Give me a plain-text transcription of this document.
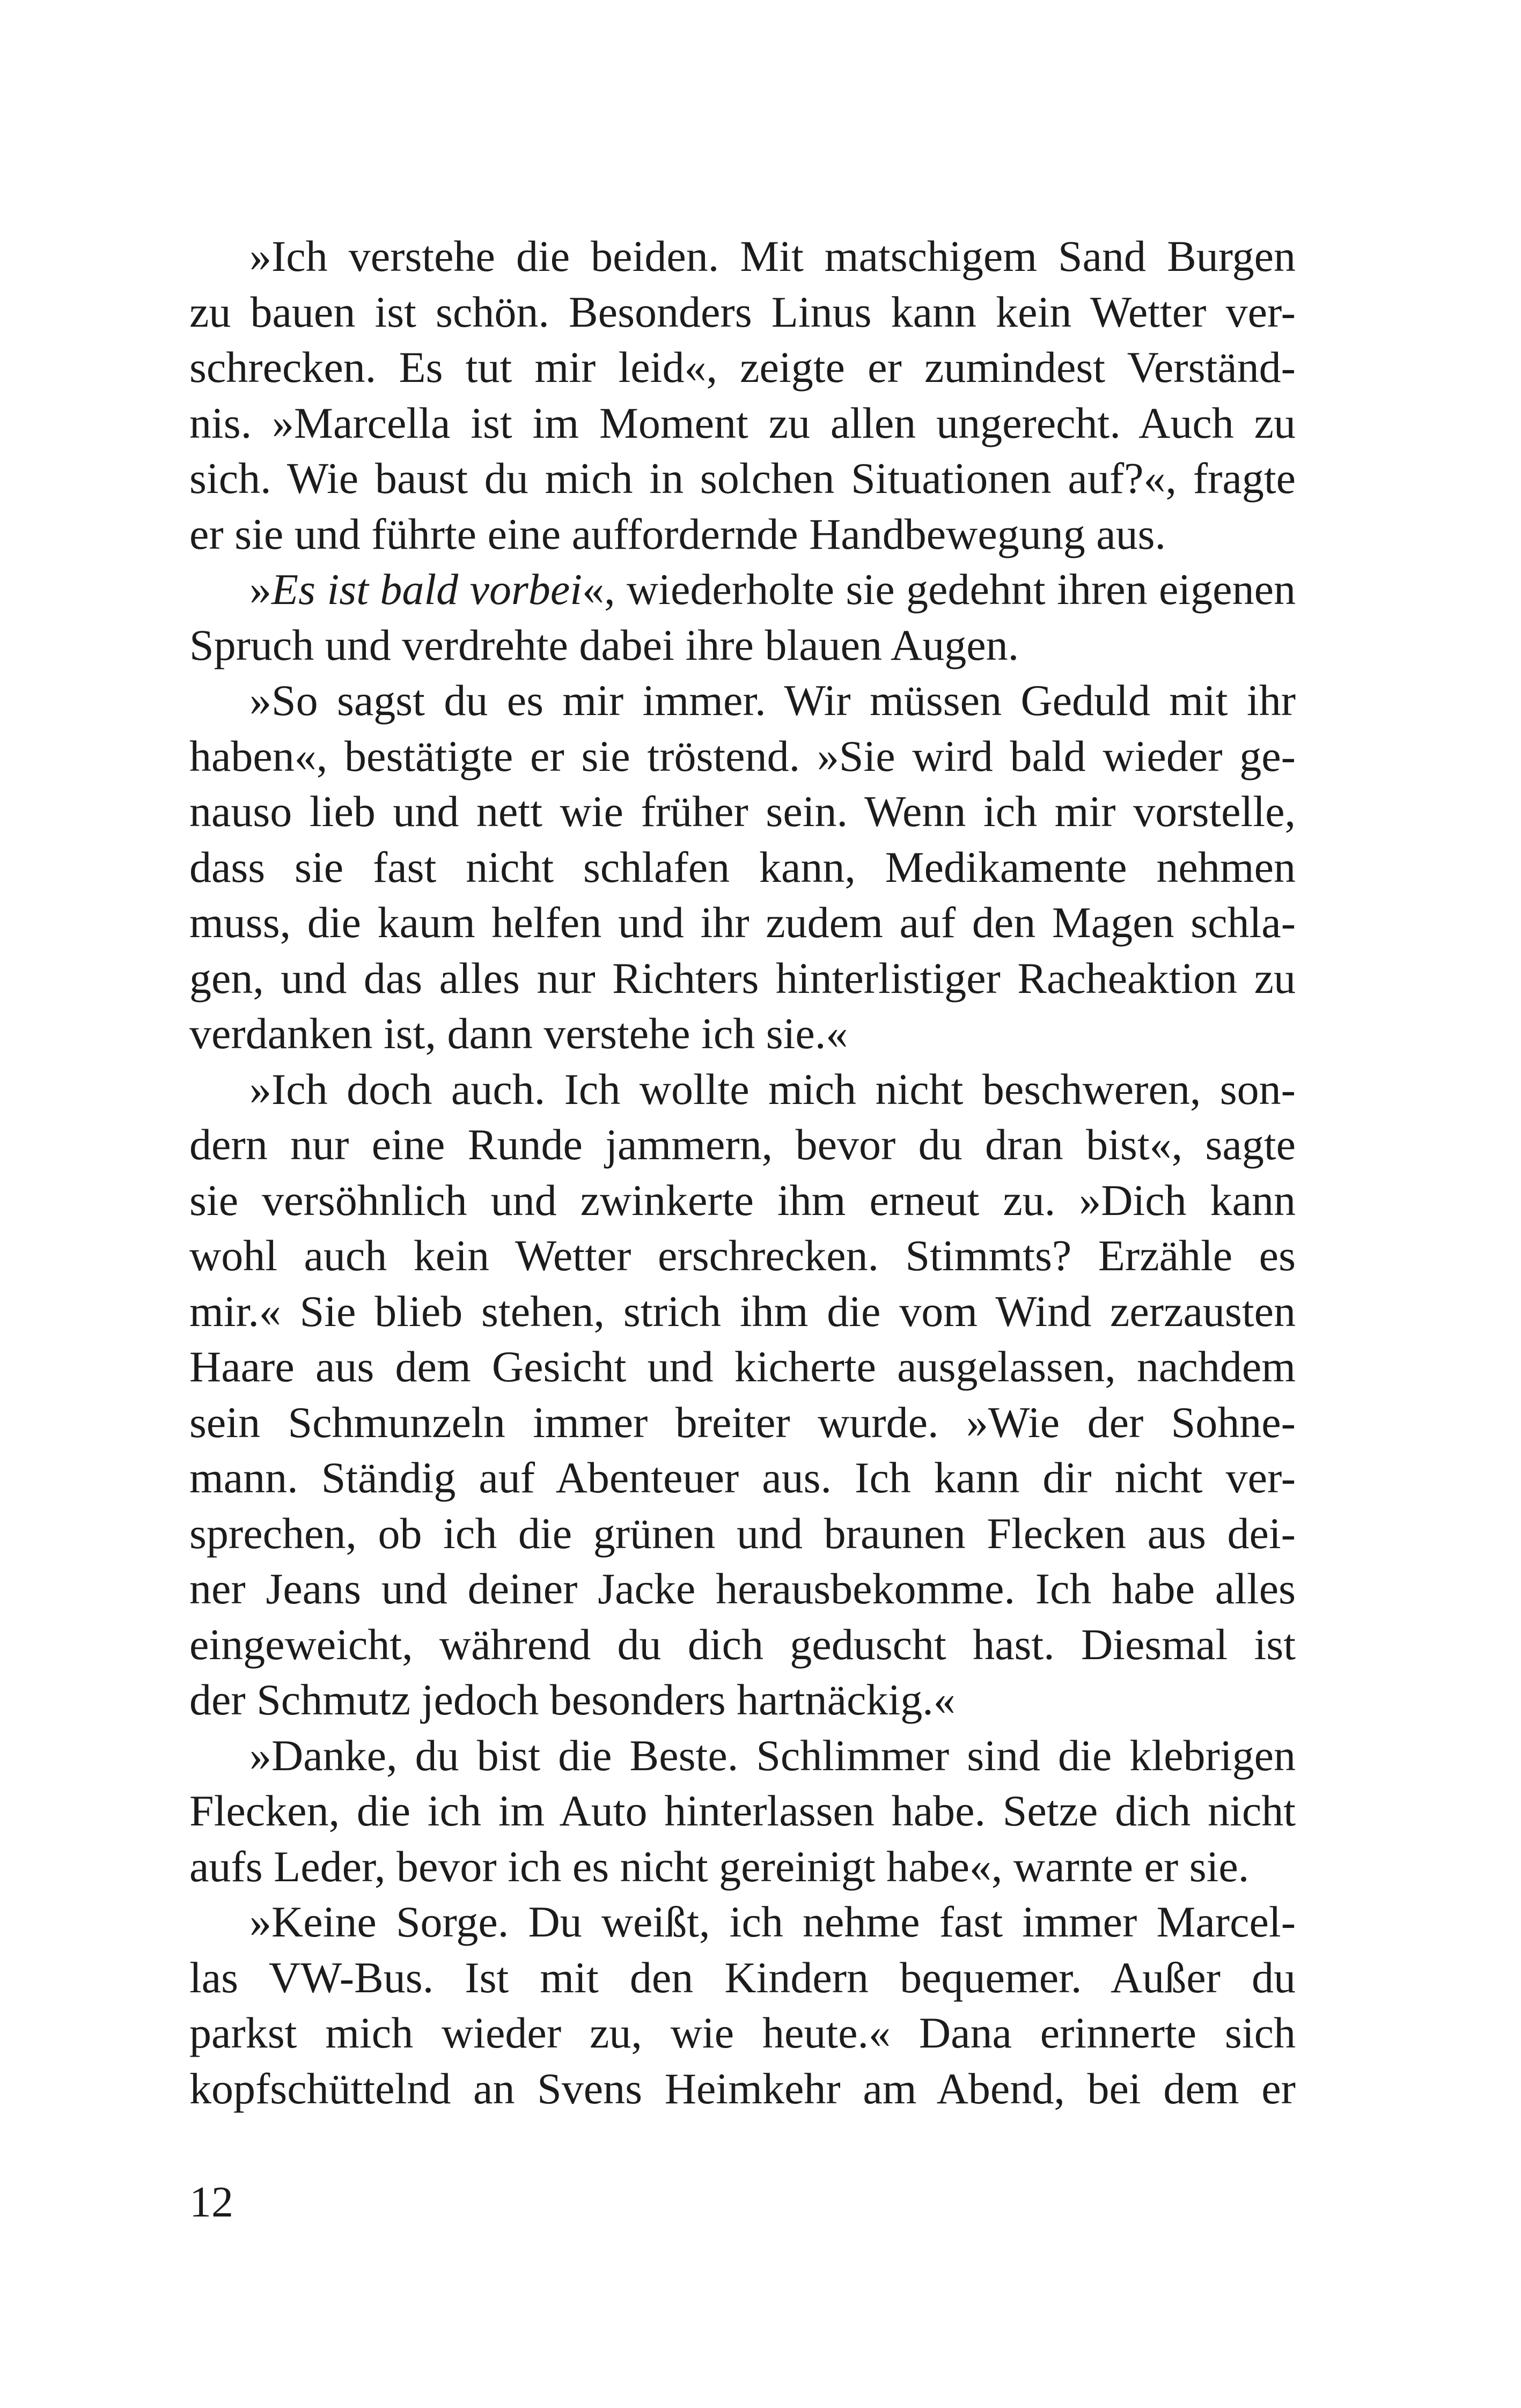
»Ich verstehe die beiden. Mit matschigem Sand Burgen
zu bauen ist schön. Besonders Linus kann kein Wetter ver-
schrecken. Es tut mir leid«, zeigte er zumindest Verständ-
nis. »Marcella ist im Moment zu allen ungerecht. Auch zu
sich. Wie baust du mich in solchen Situationen auf?«, fragte
er sie und führte eine auffordernde Handbewegung aus.
»Es ist bald vorbei«, wiederholte sie gedehnt ihren eigenen
Spruch und verdrehte dabei ihre blauen Augen.
»So sagst du es mir immer. Wir müssen Geduld mit ihr
haben«, bestätigte er sie tröstend. »Sie wird bald wieder ge-
nauso lieb und nett wie früher sein. Wenn ich mir vorstelle,
dass sie fast nicht schlafen kann, Medikamente nehmen
muss, die kaum helfen und ihr zudem auf den Magen schla-
gen, und das alles nur Richters hinterlistiger Racheaktion zu
verdanken ist, dann verstehe ich sie.«
»Ich doch auch. Ich wollte mich nicht beschweren, son-
dern nur eine Runde jammern, bevor du dran bist«, sagte
sie versöhnlich und zwinkerte ihm erneut zu. »Dich kann
wohl auch kein Wetter erschrecken. Stimmts? Erzähle es
mir.« Sie blieb stehen, strich ihm die vom Wind zerzausten
Haare aus dem Gesicht und kicherte ausgelassen, nachdem
sein Schmunzeln immer breiter wurde. »Wie der Sohne-
mann. Ständig auf Abenteuer aus. Ich kann dir nicht ver-
sprechen, ob ich die grünen und braunen Flecken aus dei-
ner Jeans und deiner Jacke herausbekomme. Ich habe alles
eingeweicht, während du dich geduscht hast. Diesmal ist
der Schmutz jedoch besonders hartnäckig.«
»Danke, du bist die Beste. Schlimmer sind die klebrigen
Flecken, die ich im Auto hinterlassen habe. Setze dich nicht
aufs Leder, bevor ich es nicht gereinigt habe«, warnte er sie.
»Keine Sorge. Du weißt, ich nehme fast immer Marcel-
las VW-Bus. Ist mit den Kindern bequemer. Außer du
parkst mich wieder zu, wie heute.« Dana erinnerte sich
kopfschüttelnd an Svens Heimkehr am Abend, bei dem er
12
